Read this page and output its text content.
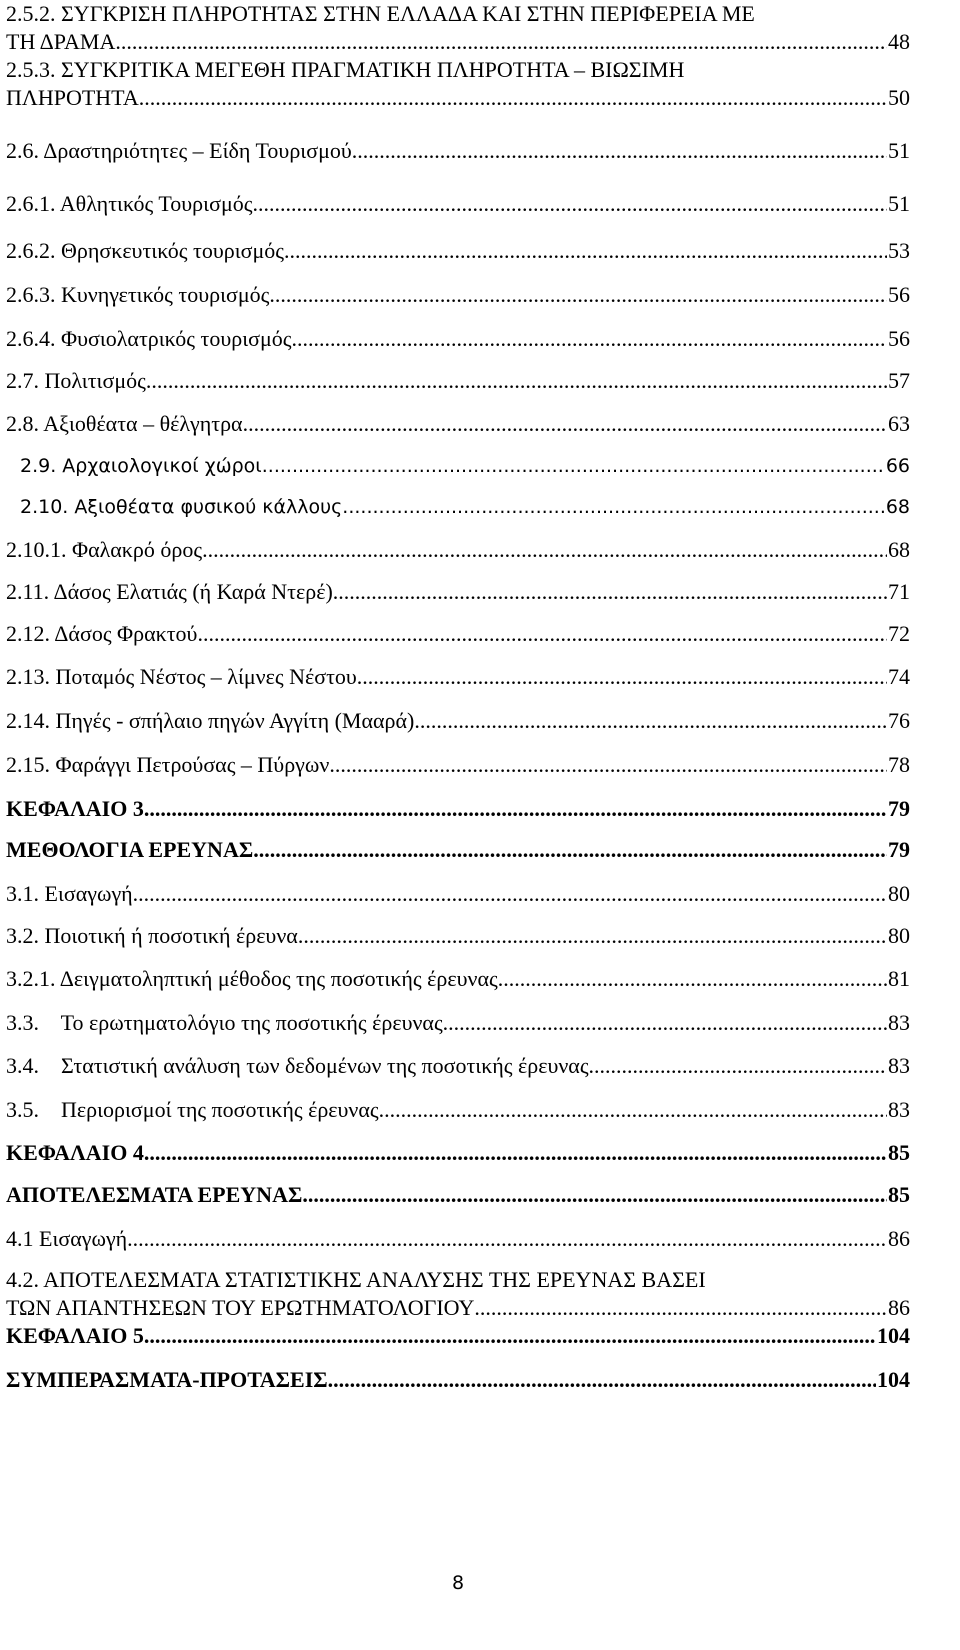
2.5.2. ΣΥΓΚΡΙΣΗ ΠΛΗΡΟΤΗΤΑΣ ΣΤΗΝ ΕΛΛΑΔΑ ΚΑΙ ΣΤΗΝ ΠΕΡΙΦΕΡΕΙΑ ΜΕ
ΤΗ ΔΡΑΜΑ .....	48
2.5.3. ΣΥΓΚΡΙΤΙΚΑ ΜΕΓΕΘΗ ΠΡΑΓΜΑΤΙΚΗ ΠΛΗΡΟΤΗΤΑ – ΒΙΩΣΙΜΗ
ΠΛΗΡΟΤΗΤΑ .....	50
2.6. Δραστηριότητες – Είδη Τουρισμού .....	51
2.6.1. Αθλητικός Τουρισμός .....	51
2.6.2. Θρησκευτικός τουρισμός .....	53
2.6.3. Κυνηγετικός τουρισμός .....	56
2.6.4. Φυσιολατρικός τουρισμός .....	56
2.7. Πολιτισμός .....	57
2.8. Αξιοθέατα – θέλγητρα .....	63
2.9. Αρχαιολογικοί χώροι .....	66
2.10. Αξιοθέατα φυσικού κάλλους .....	68
2.10.1. Φαλακρό όρος .....	68
2.11. Δάσος Ελατιάς (ή Καρά Ντερέ) .....	71
2.12. Δάσος Φρακτού .....	72
2.13. Ποταμός Νέστος – λίμνες Νέστου .....	74
2.14. Πηγές - σπήλαιο πηγών Αγγίτη (Μααρά) .....	76
2.15. Φαράγγι Πετρούσας – Πύργων. .....	78
ΚΕΦΑΛΑΙΟ 3 .....	79
ΜΕΘΟΛΟΓΙΑ ΕΡΕΥΝΑΣ .....	79
3.1. Εισαγωγή .....	80
3.2. Ποιοτική ή ποσοτική έρευνα .....	80
3.2.1. Δειγματοληπτική μέθοδος της ποσοτικής έρευνας .....	81
3.3.    Το ερωτηματολόγιο της ποσοτικής έρευνας .....	83
3.4.    Στατιστική ανάλυση των δεδομένων της ποσοτικής έρευνας .....	83
3.5.    Περιορισμοί της ποσοτικής έρευνας .....	83
ΚΕΦΑΛΑΙΟ 4 .....	85
ΑΠΟΤΕΛΕΣΜΑΤΑ ΕΡΕΥΝΑΣ .....	85
4.1 Εισαγωγή .....	86
4.2. ΑΠΟΤΕΛΕΣΜΑΤΑ ΣΤΑΤΙΣΤΙΚΗΣ ΑΝΑΛΥΣΗΣ ΤΗΣ ΕΡΕΥΝΑΣ ΒΑΣΕΙ
ΤΩΝ ΑΠΑΝΤΗΣΕΩΝ ΤΟΥ ΕΡΩΤΗΜΑΤΟΛΟΓΙΟΥ .....	86
ΚΕΦΑΛΑΙΟ 5 .....	104
ΣΥΜΠΕΡΑΣΜΑΤΑ-ΠΡΟΤΑΣΕΙΣ .....	104
8
